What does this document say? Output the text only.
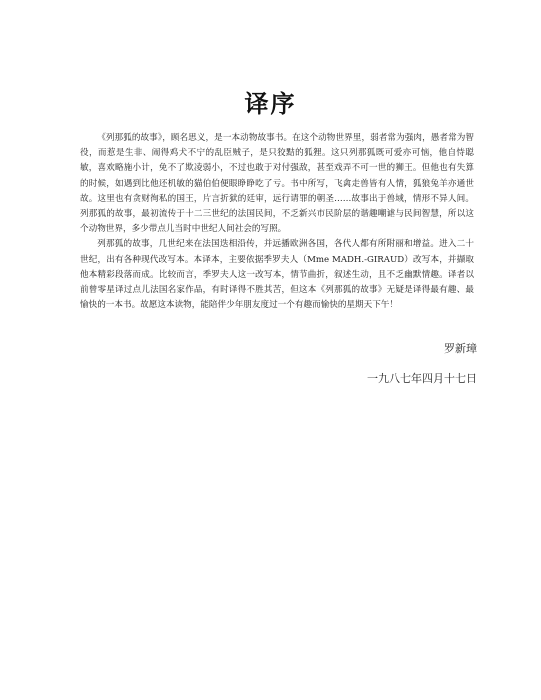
译序

《列那狐的故事》，顾名思义，是一本动物故事书。在这个动物世界里，弱者常为强肉，愚者常为智役，而惹是生非、闹得鸡犬不宁的乱臣贼子，是只狡黠的狐狸。这只列那狐既可爱亦可恼，他自恃聪敏，喜欢略施小计，免不了欺凌弱小，不过也敢于对付强敌，甚至戏弄不可一世的狮王。但他也有失算的时候，如遇到比他还机敏的猫伯伯便眼睁睁吃了亏。书中所写，飞禽走兽皆有人情，狐狼兔羊亦通世故。这里也有贪财徇私的国王，片言折狱的廷审，远行请罪的朝圣……故事出于兽域，情形不异人间。列那狐的故事，最初流传于十二三世纪的法国民间，不乏新兴市民阶层的谐趣嘲谑与民间智慧，所以这个动物世界，多少带点儿当时中世纪人间社会的写照。

列那狐的故事，几世纪来在法国迭相沿传，并远播欧洲各国，各代人都有所附丽和增益。进入二十世纪，出有各种现代改写本。本译本，主要依据季罗夫人（Mme MADH.-GIRAUD）改写本，并撷取他本精彩段落而成。比较而言，季罗夫人这一改写本，情节曲折，叙述生动，且不乏幽默情趣。译者以前曾零星译过点儿法国名家作品，有时译得不胜其苦，但这本《列那狐的故事》无疑是译得最有趣、最愉快的一本书。故愿这本读物，能陪伴少年朋友度过一个有趣而愉快的星期天下午！

罗新璋
一九八七年四月十七日
